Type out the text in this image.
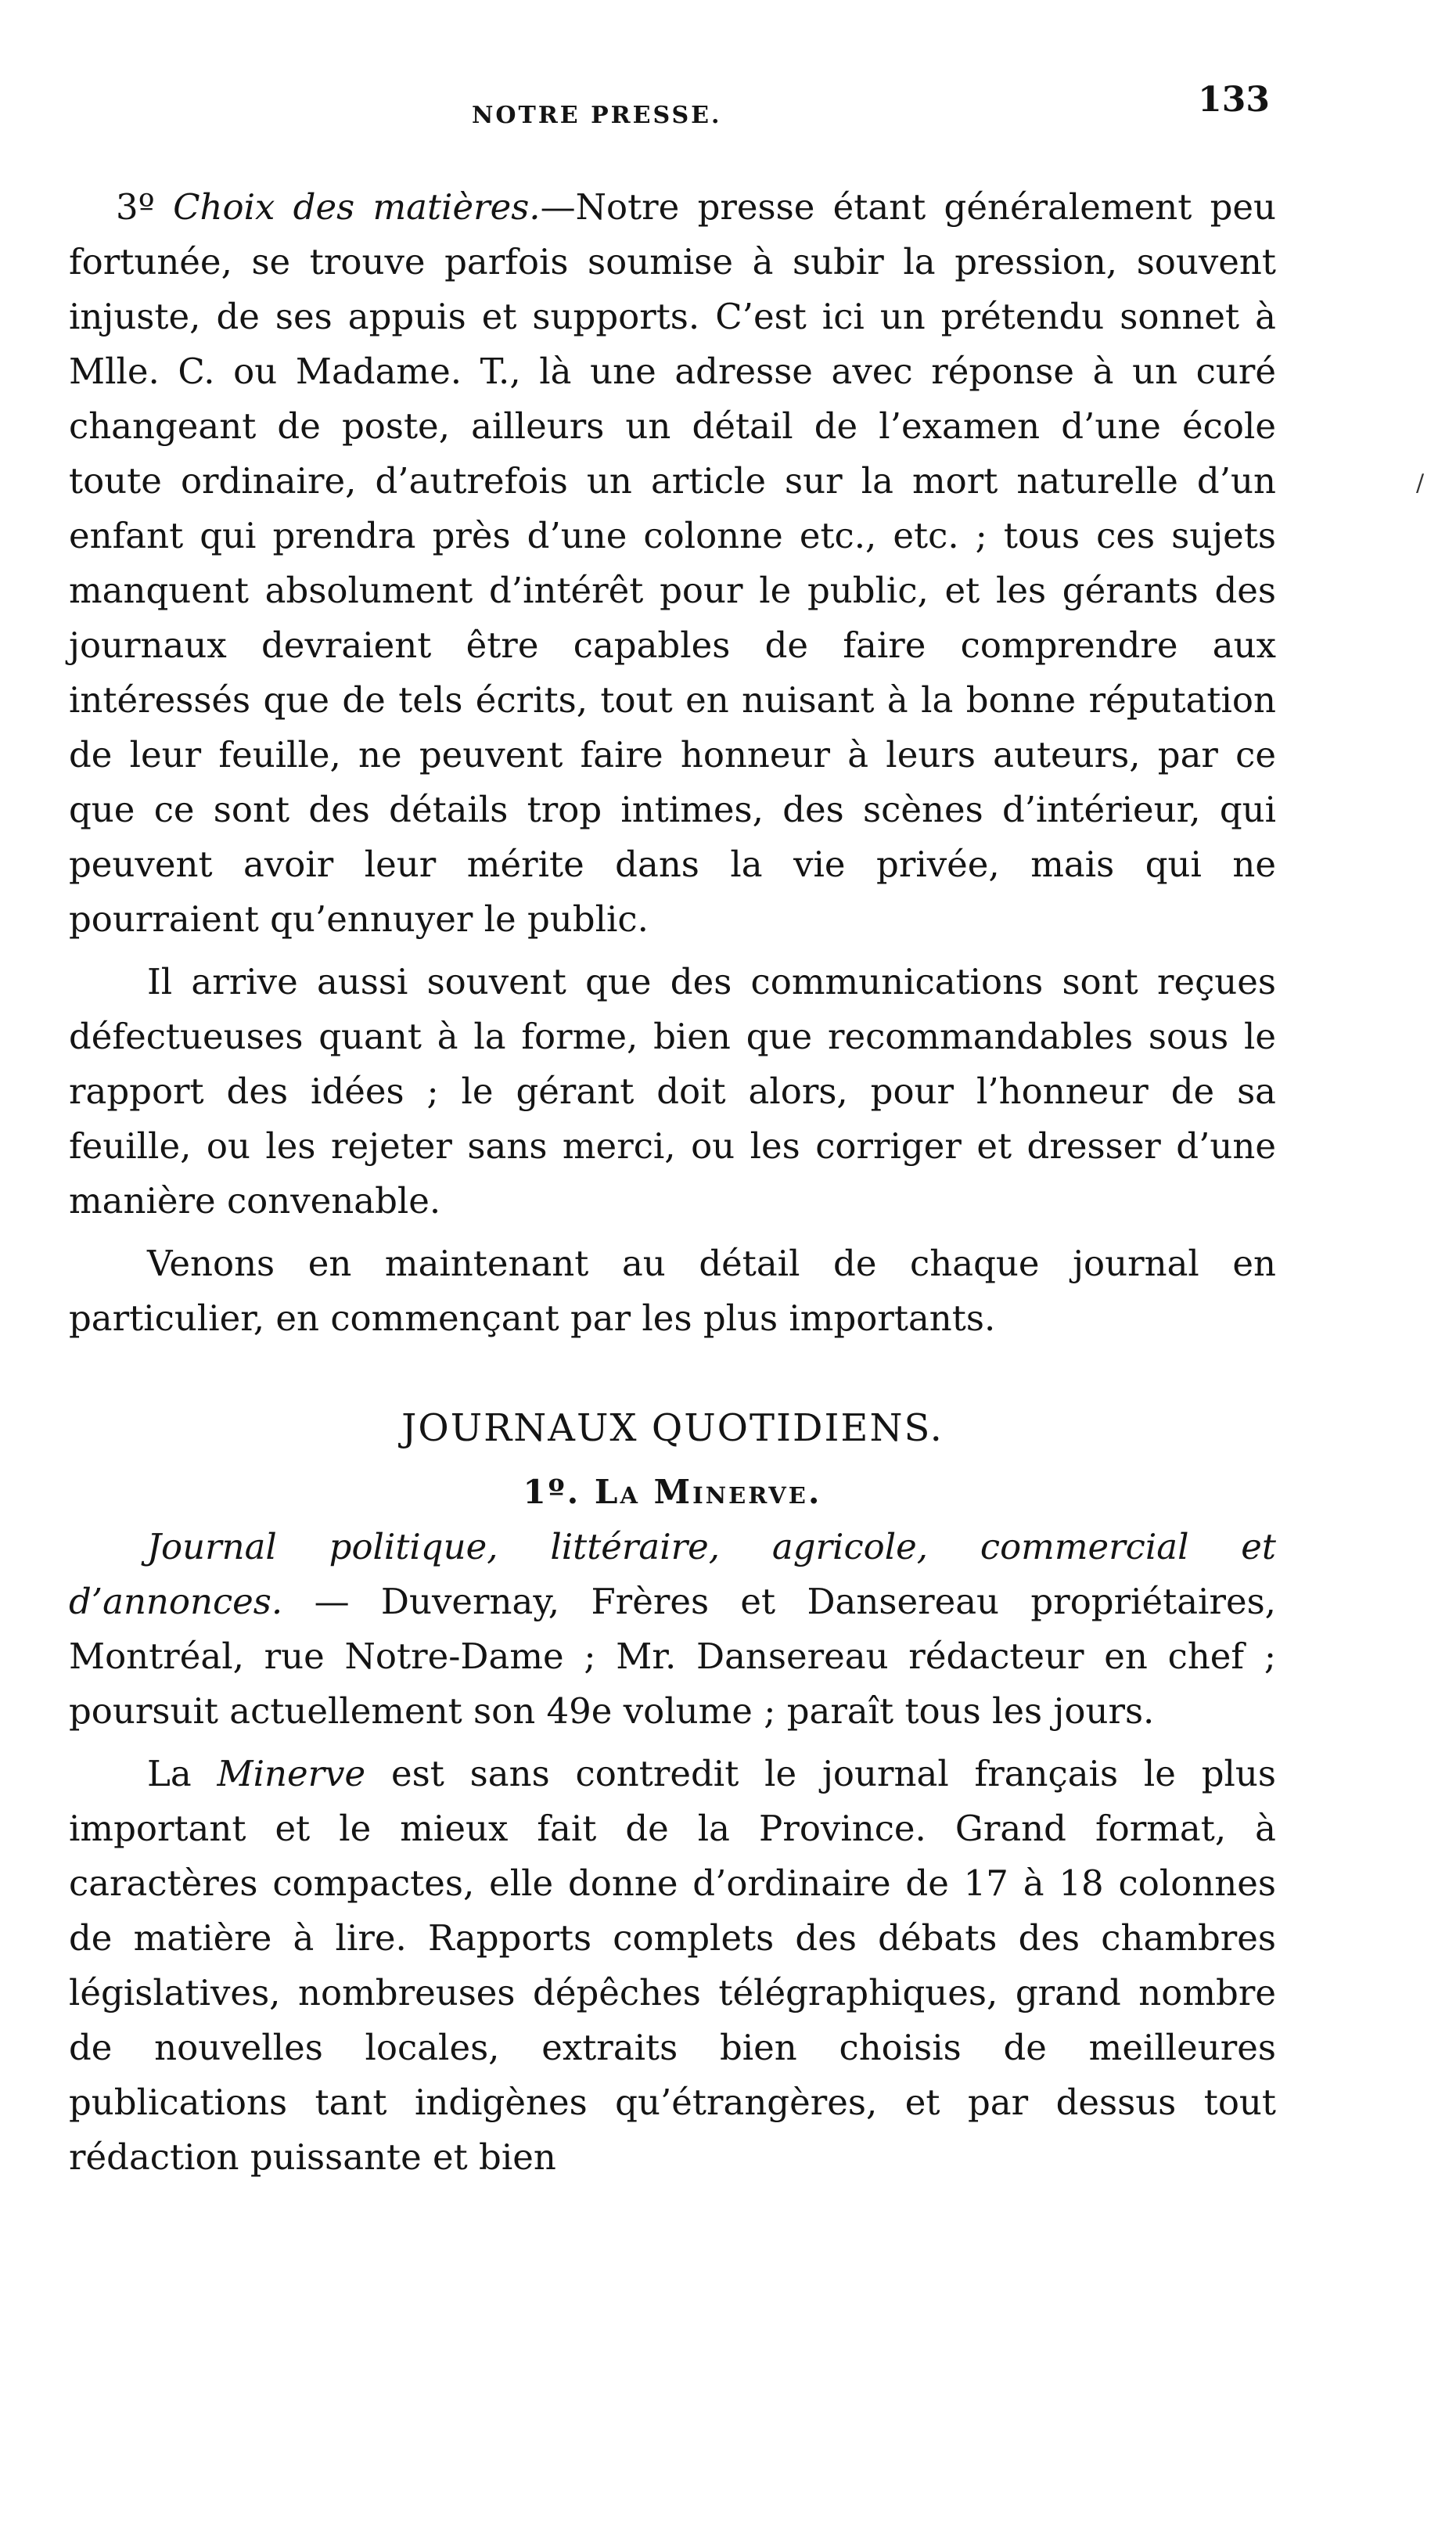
NOTRE PRESSE.	133

3º Choix des matières.—Notre presse étant généralement peu fortunée, se trouve parfois soumise à subir la pression, souvent injuste, de ses appuis et supports. C’est ici un prétendu sonnet à Mlle. C. ou Madame. T., là une adresse avec réponse à un curé changeant de poste, ailleurs un détail de l’examen d’une école toute ordinaire, d’autrefois un article sur la mort naturelle d’un enfant qui prendra près d’une colonne etc., etc. ; tous ces sujets manquent absolument d’intérêt pour le public, et les gérants des journaux devraient être capables de faire comprendre aux intéressés que de tels écrits, tout en nuisant à la bonne réputation de leur feuille, ne peuvent faire honneur à leurs auteurs, par ce que ce sont des détails trop intimes, des scènes d’intérieur, qui peuvent avoir leur mérite dans la vie privée, mais qui ne pourraient qu’ennuyer le public.

Il arrive aussi souvent que des communications sont reçues défectueuses quant à la forme, bien que recommandables sous le rapport des idées ; le gérant doit alors, pour l’honneur de sa feuille, ou les rejeter sans merci, ou les corriger et dresser d’une manière convenable.

Venons en maintenant au détail de chaque journal en particulier, en commençant par les plus importants.

JOURNAUX QUOTIDIENS.
1º. La Minerve.

Journal politique, littéraire, agricole, commercial et d’annonces. — Duvernay, Frères et Dansereau propriétaires, Montréal, rue Notre-Dame ; Mr. Dansereau rédacteur en chef ; poursuit actuellement son 49e volume ; paraît tous les jours.

La Minerve est sans contredit le journal français le plus important et le mieux fait de la Province. Grand format, à caractères compactes, elle donne d’ordinaire de 17 à 18 colonnes de matière à lire. Rapports complets des débats des chambres législatives, nombreuses dépêches télégraphiques, grand nombre de nouvelles locales, extraits bien choisis de meilleures publications tant indigènes qu’étrangères, et par dessus tout rédaction puissante et bien

/
